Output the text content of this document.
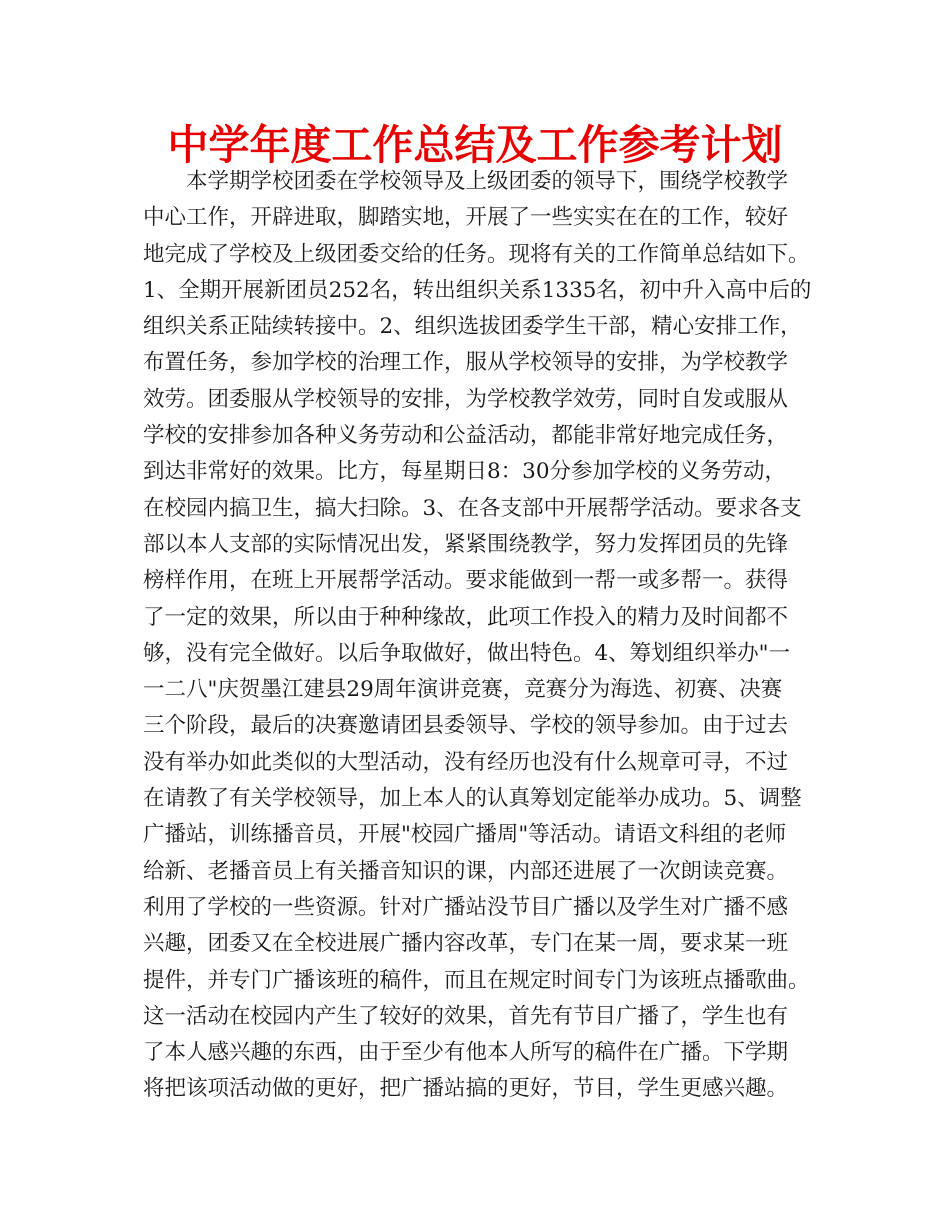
中学年度工作总结及工作参考计划
本学期学校团委在学校领导及上级团委的领导下，围绕学校教学
中心工作，开辟进取，脚踏实地，开展了一些实实在在的工作，较好
地完成了学校及上级团委交给的任务。现将有关的工作简单总结如下。
1、全期开展新团员252名，转出组织关系1335名，初中升入高中后的
组织关系正陆续转接中。2、组织选拔团委学生干部，精心安排工作，
布置任务，参加学校的治理工作，服从学校领导的安排，为学校教学
效劳。团委服从学校领导的安排，为学校教学效劳，同时自发或服从
学校的安排参加各种义务劳动和公益活动，都能非常好地完成任务，
到达非常好的效果。比方，每星期日8：30分参加学校的义务劳动，
在校园内搞卫生，搞大扫除。3、在各支部中开展帮学活动。要求各支
部以本人支部的实际情况出发，紧紧围绕教学，努力发挥团员的先锋
榜样作用，在班上开展帮学活动。要求能做到一帮一或多帮一。获得
了一定的效果，所以由于种种缘故，此项工作投入的精力及时间都不
够，没有完全做好。以后争取做好，做出特色。4、筹划组织举办"一
一二八"庆贺墨江建县29周年演讲竞赛，竞赛分为海选、初赛、决赛
三个阶段，最后的决赛邀请团县委领导、学校的领导参加。由于过去
没有举办如此类似的大型活动，没有经历也没有什么规章可寻，不过
在请教了有关学校领导，加上本人的认真筹划定能举办成功。5、调整
广播站，训练播音员，开展"校园广播周"等活动。请语文科组的老师
给新、老播音员上有关播音知识的课，内部还进展了一次朗读竞赛。
利用了学校的一些资源。针对广播站没节目广播以及学生对广播不感
兴趣，团委又在全校进展广播内容改革，专门在某一周，要求某一班
提件，并专门广播该班的稿件，而且在规定时间专门为该班点播歌曲。
这一活动在校园内产生了较好的效果，首先有节目广播了，学生也有
了本人感兴趣的东西，由于至少有他本人所写的稿件在广播。下学期
将把该项活动做的更好，把广播站搞的更好，节目，学生更感兴趣。
